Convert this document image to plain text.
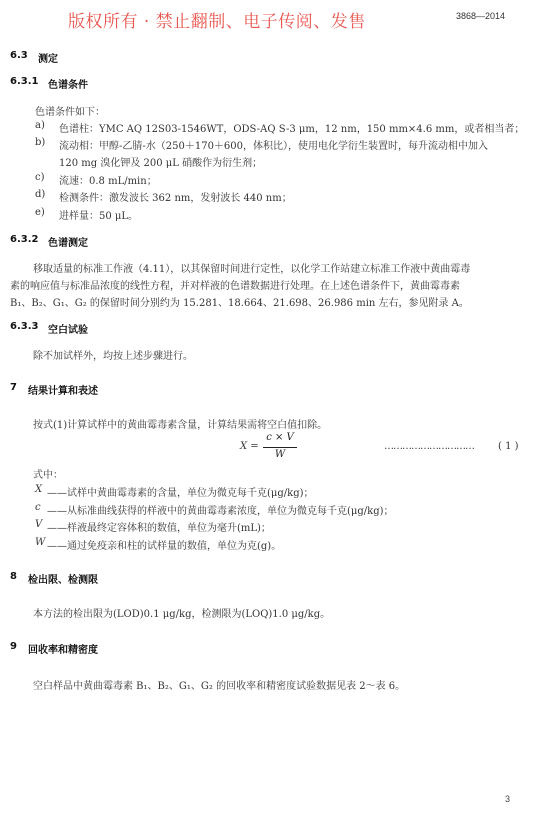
版权所有 · 禁止翻制、电子传阅、发售	3868—2014
6.3 测定
6.3.1 色谱条件
色谱条件如下：
a) 色谱柱：YMC AQ 12S03-1546WT，ODS-AQ S-3 μm，12 nm，150 mm×4.6 mm，或者相当者；
b) 流动相：甲醇-乙腈-水（250＋170＋600，体积比），使用电化学衍生装置时，每升流动相中加入
120 mg 溴化钾及 200 μL 硝酸作为衍生剂；
c) 流速：0.8 mL/min；
d) 检测条件：激发波长 362 nm，发射波长 440 nm；
e) 进样量：50 μL。
6.3.2 色谱测定
移取适量的标准工作液（4.11），以其保留时间进行定性，以化学工作站建立标准工作液中黄曲霉毒
素的响应值与标准品浓度的线性方程，并对样液的色谱数据进行处理。在上述色谱条件下，黄曲霉毒素
B₁、B₂、G₁、G₂ 的保留时间分别约为 15.281、18.664、21.698、26.986 min 左右，参见附录 A。
6.3.3 空白试验
除不加试样外，均按上述步骤进行。
7 结果计算和表述
按式(1)计算试样中的黄曲霉毒素含量，计算结果需将空白值扣除。
X =
c × V
W
………………………… ( 1 )
式中：
X ——试样中黄曲霉毒素的含量，单位为微克每千克(μg/kg)；
c ——从标准曲线获得的样液中的黄曲霉毒素浓度，单位为微克每千克(μg/kg)；
V ——样液最终定容体积的数值，单位为毫升(mL)；
W ——通过免疫亲和柱的试样量的数值，单位为克(g)。
8 检出限、检测限
本方法的检出限为(LOD)0.1 μg/kg，检测限为(LOQ)1.0 μg/kg。
9 回收率和精密度
空白样品中黄曲霉毒素 B₁、B₂、G₁、G₂ 的回收率和精密度试验数据见表 2～表 6。
3
